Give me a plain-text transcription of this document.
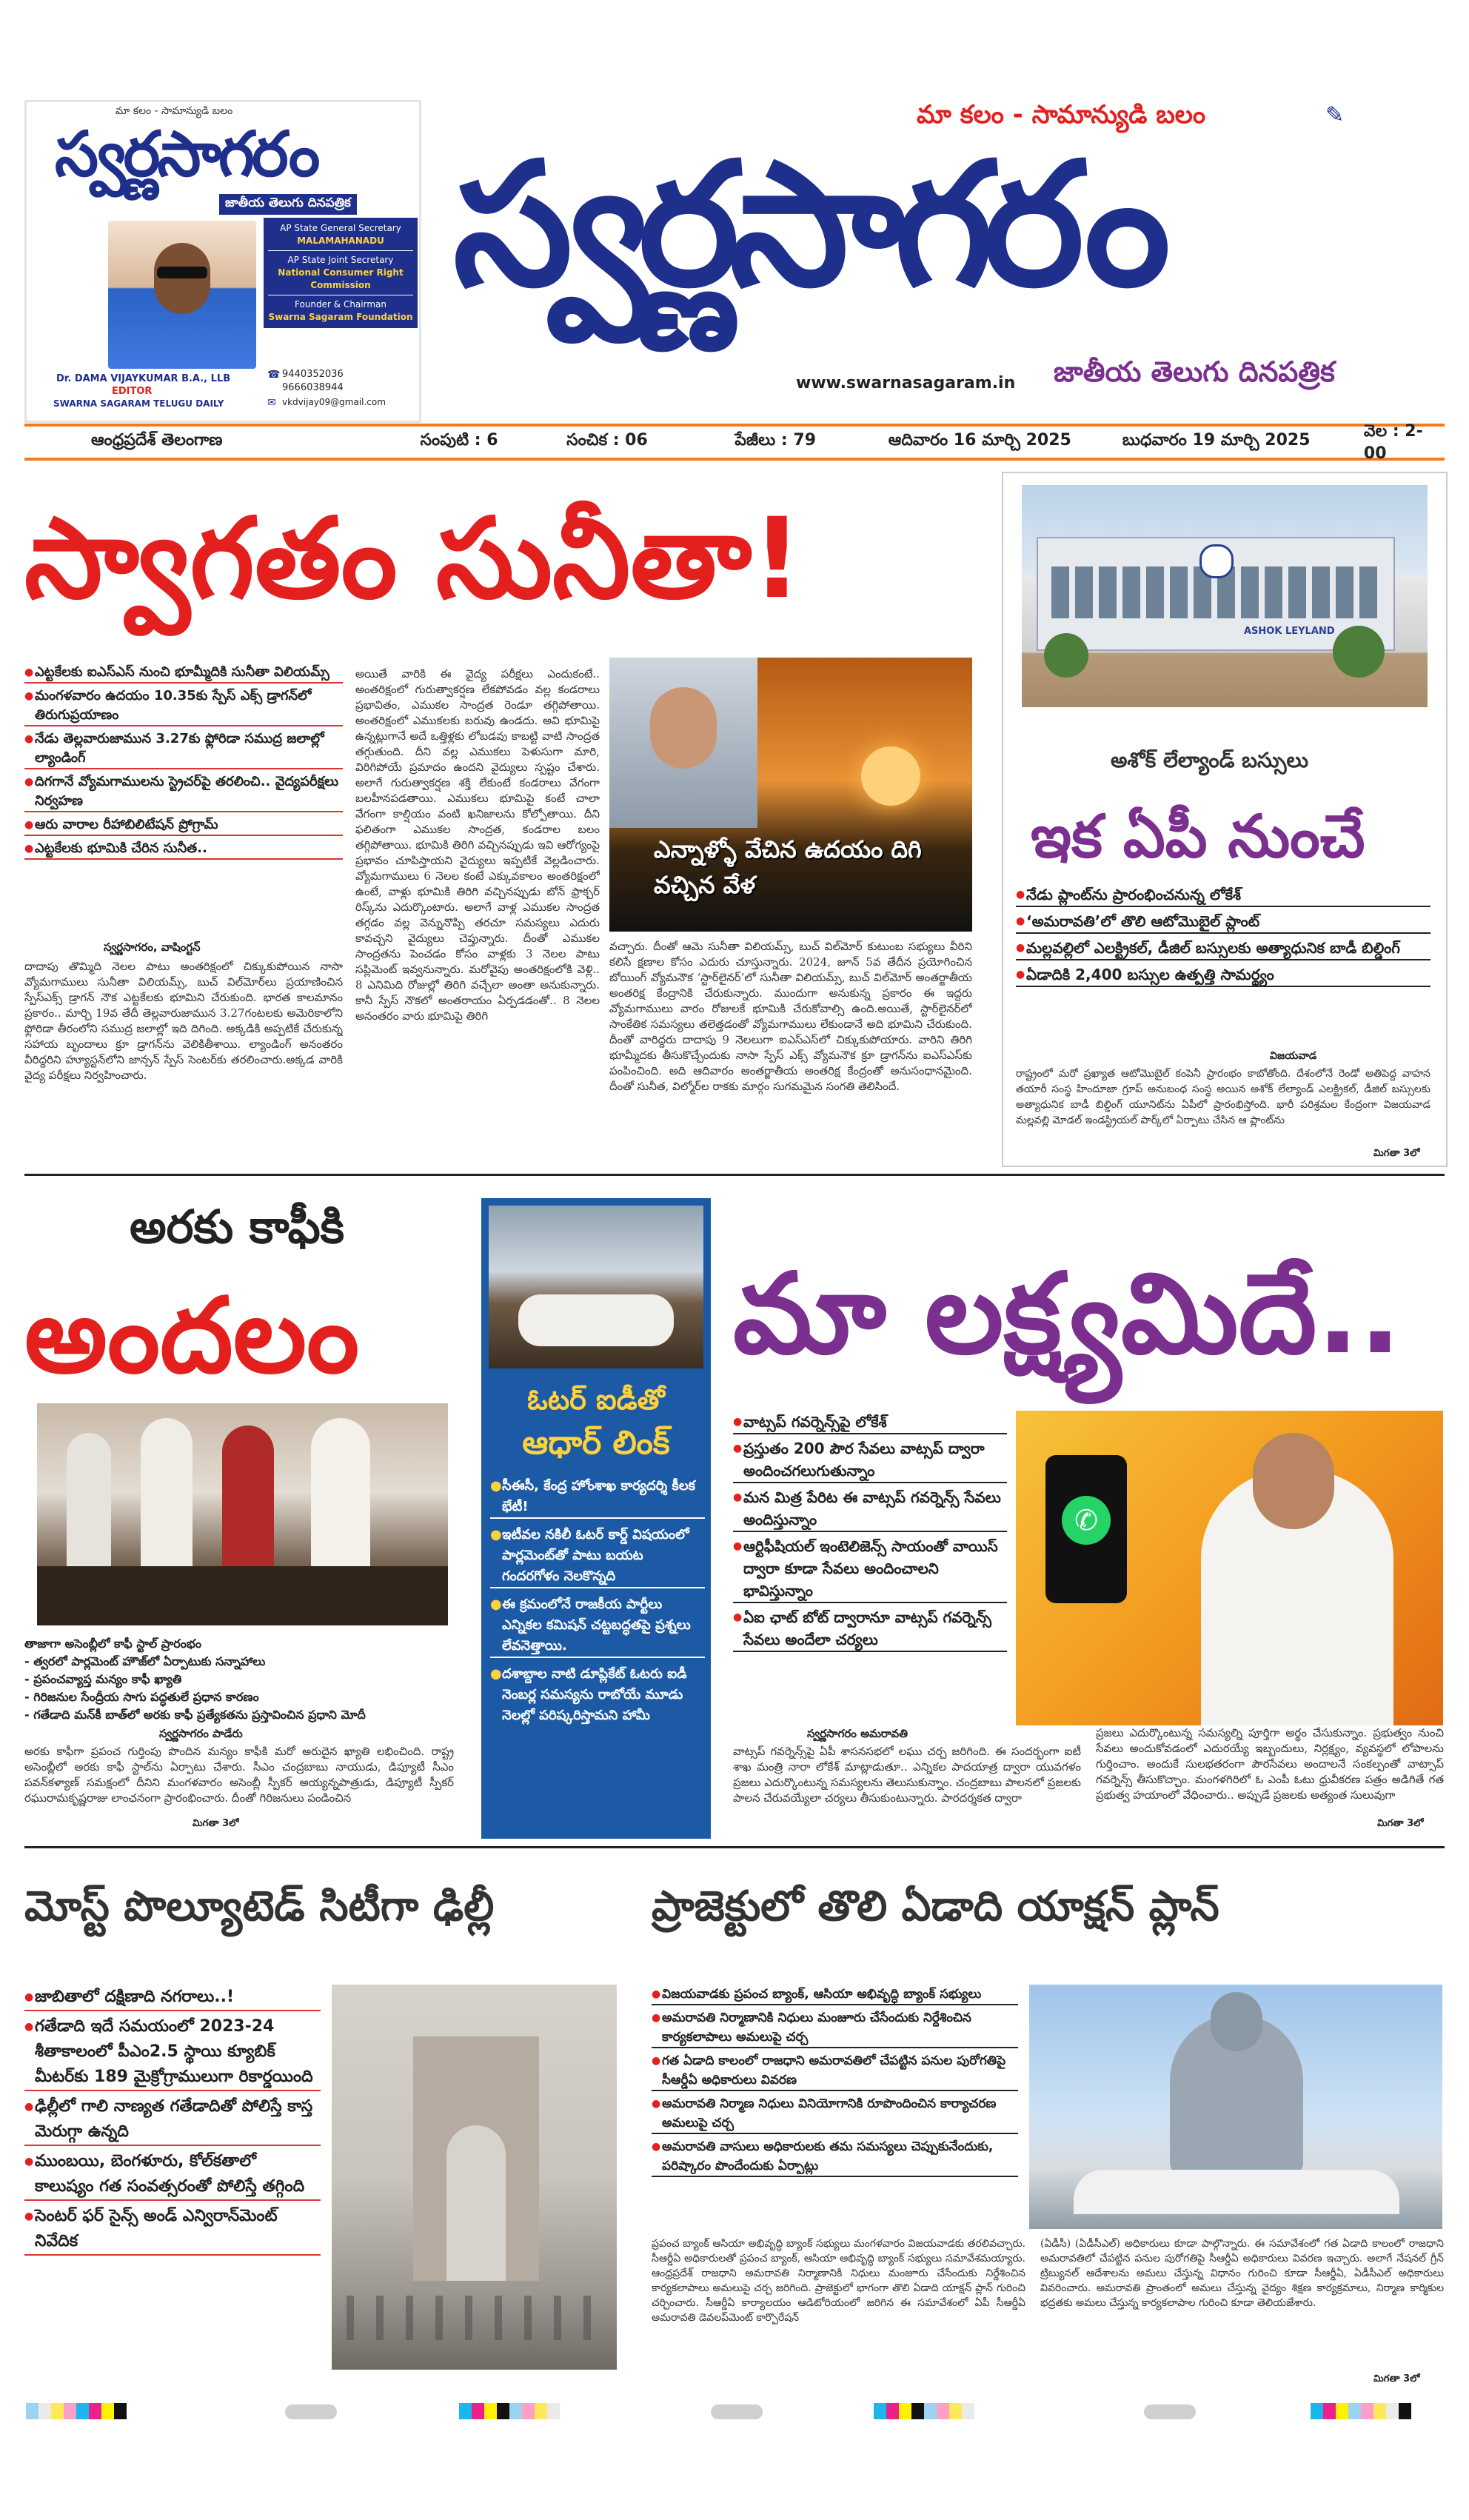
మా కలం - సామాన్యుడి బలం
స్వర్ణసాగరం
జాతీయ తెలుగు దినపత్రిక
AP State General Secretary
MALAMAHANADU
AP State Joint Secretary
National Consumer Right Commission
Founder & Chairman
Swarna Sagaram Foundation
Dr. DAMA VIJAYKUMAR B.A., LLB
EDITOR
SWARNA SAGARAM TELUGU DAILY
☎ 9440352036
9666038944
✉ vkdvijay09@gmail.com
మా కలం - సామాన్యుడి బలం	✎
స్వర్ణసాగరం
www.swarnasagaram.in జాతీయ తెలుగు దినపత్రిక
ఆంధ్రప్రదేశ్ తెలంగాణ	సంపుటి : 6	సంచిక : 06	పేజీలు : 79	ఆదివారం 16 మార్చి 2025	బుధవారం 19 మార్చి 2025	వెల : 2-00
స్వాగతం సునీతా!
● ఎట్టకేలకు ఐఎస్ఎస్ నుంచి భూమ్మీదికి సునీతా విలియమ్స్
● మంగళవారం ఉదయం 10.35కు స్పేస్ ఎక్స్ డ్రాగన్‌లో తిరుగుప్రయాణం
● నేడు తెల్లవారుజామున 3.27కు ఫ్లోరిడా సముద్ర జలాల్లో ల్యాండింగ్
● దిగగానే వ్యోమగాములను స్ట్రెచర్‌పై తరలించి.. వైద్యపరీక్షలు నిర్వహణ
● ఆరు వారాల రీహాబిలిటేషన్ ప్రోగ్రామ్
● ఎట్టకేలకు భూమికి చేరిన సునీత..
స్వర్ణసాగరం, వాషింగ్టన్

దాదాపు తొమ్మిది నెలల పాటు అంతరిక్షంలో చిక్కుకుపోయిన నాసా వ్యోమగాములు సునీతా విలియమ్స్, బుచ్ విల్‌మోర్‌లు ప్రయాణించిన స్పేస్ఎక్స్ డ్రాగన్ నౌక ఎట్టకేలకు భూమిని చేరుకుంది. భారత కాలమానం ప్రకారం.. మార్చి 19వ తేదీ తెల్లవారుజామున 3.27గంటలకు అమెరికాలోని ఫ్లోరిడా తీరంలోని సముద్ర జలాల్లో ఇది దిగింది. అక్కడికి అప్పటికే చేరుకున్న సహాయ బృందాలు క్రూ డ్రాగన్‌ను వెలికితీశాయి. ల్యాండింగ్ అనంతరం వీరిద్దరిని హ్యూస్టన్‌లోని జాన్సన్ స్పేస్ సెంటర్‌కు తరలించారు.అక్కడ వారికి వైద్య పరీక్షలు నిర్వహించారు.

అయితే వారికి ఈ వైద్య పరీక్షలు ఎందుకంటే.. అంతరిక్షంలో గురుత్వాకర్షణ లేకపోవడం వల్ల కండరాలు ప్రభావితం, ఎముకల సాంద్రత రెండూ తగ్గిపోతాయి. అంతరిక్షంలో ఎముకలకు బరువు ఉండదు. అవి భూమిపై ఉన్నట్లుగానే అదే ఒత్తిళ్లకు లోబడవు కాబట్టి వాటి సాంద్రత తగ్గుతుంది. దీని వల్ల ఎముకలు పెళుసుగా మారి, విరిగిపోయే ప్రమాదం ఉందని వైద్యులు స్పష్టం చేశారు. అలాగే గురుత్వాకర్షణ శక్తి లేకుంటే కండరాలు వేగంగా బలహీనపడతాయి. ఎముకలు భూమిపై కంటే చాలా వేగంగా కాల్షియం వంటి ఖనిజాలను కోల్పోతాయి. దీని ఫలితంగా ఎముకల సాంద్రత, కండరాల బలం తగ్గిపోతాయి. భూమికి తిరిగి వచ్చినప్పుడు ఇవి ఆరోగ్యంపై ప్రభావం చూపిస్తాయని వైద్యులు ఇప్పటికే వెల్లడించారు. వ్యోమగాములు 6 నెలల కంటే ఎక్కువకాలం అంతరిక్షంలో ఉంటే, వాళ్లు భూమికి తిరిగి వచ్చినప్పుడు బోన్ ఫ్రాక్చర్ రిస్క్‌ను ఎదుర్కొంటారు. అలాగే వాళ్ల ఎముకల సాంద్రత తగ్గడం వల్ల వెన్నునొప్పి తరచూ సమస్యలు ఎదురు కావచ్చని వైద్యులు చెప్తున్నారు. దీంతో ఎముకల సాంద్రతను పెంచడం కోసం వాళ్లకు 3 నెలల పాటు సప్లిమెంట్ ఇవ్వనున్నారు. మరోవైపు అంతరిక్షంలోకి వెళ్లి.. 8 ఎనిమిది రోజుల్లో తిరిగి వచ్చేలా అంతా అనుకున్నారు. కానీ స్పేస్ నౌకలో అంతరాయం ఏర్పడడంతో.. 8 నెలల అనంతరం వారు భూమిపై తిరిగి

ఎన్నాళ్ళో వేచిన ఉదయం దిగి వచ్చిన వేళ

వచ్చారు. దీంతో ఆమె సునీతా విలియమ్స్, బుచ్ విల్‌మోర్ కుటుంబ సభ్యులు వీరిని కలిసే క్షణాల కోసం ఎదురు చూస్తున్నారు. 2024, జూన్ 5వ తేదీన ప్రయోగించిన బోయింగ్ వ్యోమనౌక ‘స్టార్‌లైనర్’లో సునీతా విలియమ్స్, బుచ్ విల్‌మోర్ అంతర్జాతీయ అంతరిక్ష కేంద్రానికి చేరుకున్నారు. ముందుగా అనుకున్న ప్రకారం ఈ ఇద్దరు వ్యోమగాములు వారం రోజులకే భూమికి చేరుకోవాల్సి ఉంది.అయితే, స్టార్‌లైనర్‌లో సాంకేతిక సమస్యలు తలెత్తడంతో వ్యోమగాములు లేకుండానే అది భూమిని చేరుకుంది. దీంతో వారిద్దరు దాదాపు 9 నెలలుగా ఐఎస్ఎస్‌లో చిక్కుకుపోయారు. వారిని తిరిగి భూమ్మీదకు తీసుకొచ్చేందుకు నాసా స్పేస్ ఎక్స్ వ్యోమనౌక క్రూ డ్రాగన్‌ను ఐఎస్ఎస్‌కు పంపించింది. అది ఆదివారం అంతర్జాతీయ అంతరిక్ష కేంద్రంతో అనుసంధానమైంది. దీంతో సునీత, విల్మోర్‌ల రాకకు మార్గం సుగమమైన సంగతి తెలిసిందే.

ASHOK LEYLAND
అశోక్ లేల్యాండ్ బస్సులు
ఇక ఏపీ నుంచే
● నేడు ప్లాంట్‌ను ప్రారంభించనున్న లోకేశ్
● ‘అమరావతి’లో తొలి ఆటోమొబైల్ ప్లాంట్
● మల్లవల్లిలో ఎలక్ట్రికల్, డీజిల్ బస్సులకు అత్యాధునిక బాడీ బిల్డింగ్
● ఏడాదికి 2,400 బస్సుల ఉత్పత్తి సామర్థ్యం
విజయవాడ

రాష్ట్రంలో మరో ప్రఖ్యాత ఆటోమొబైల్ కంపెనీ ప్రారంభం కాబోతోంది. దేశంలోనే రెండో అతిపెద్ద వాహన తయారీ సంస్థ హిందూజా గ్రూప్ అనుబంధ సంస్థ అయిన అశోక్ లేల్యాండ్ ఎలక్ట్రికల్, డీజిల్ బస్సులకు అత్యాధునిక బాడీ బిల్డింగ్ యూనిట్‌ను ఏపీలో ప్రారంభిస్తోంది. భారీ పరిశ్రమల కేంద్రంగా విజయవాడ మల్లవల్లి మోడల్ ఇండస్ట్రియల్ పార్క్‌లో ఏర్పాటు చేసిన ఆ ప్లాంట్‌ను

మిగతా 3లో
అరకు కాఫీకి
అందలం
తాజాగా అసెంబ్లీలో కాఫీ స్టాల్ ప్రారంభం
- త్వరలో పార్లమెంట్ హౌజ్‌లో ఏర్పాటుకు సన్నాహాలు
- ప్రపంచవ్యాప్త మన్యం కాఫీ ఖ్యాతి
- గిరిజనుల సేంద్రీయ సాగు పద్ధతులే ప్రధాన కారణం
- గతేడాది మన్‌కీ బాత్‌లో అరకు కాఫీ ప్రత్యేకతను ప్రస్తావించిన ప్రధాని మోదీ
స్వర్ణసాగరం పాడేరు

అరకు కాఫీగా ప్రపంచ గుర్తింపు పొందిన మన్యం కాఫీకి మరో అరుదైన ఖ్యాతి లభించింది. రాష్ట్ర అసెంబ్లీలో అరకు కాఫీ స్టాల్‌ను ఏర్పాటు చేశారు. సీఎం చంద్రబాబు నాయుడు, డిప్యూటీ సీఎం పవన్‌కళ్యాణ్ సమక్షంలో దీనిని మంగళవారం అసెంబ్లీ స్పీకర్ అయ్యన్నపాత్రుడు, డిప్యూటీ స్పీకర్ రఘురామకృష్ణరాజు లాంఛనంగా ప్రారంభించారు. దీంతో గిరిజనులు పండించిన

మిగతా 3లో
ఓటర్ ఐడీతో
ఆధార్ లింక్
● సీఈసీ, కేంద్ర హోంశాఖ కార్యదర్శి కీలక భేటీ!
● ఇటీవల నకిలీ ఓటర్ కార్డ్ విషయంలో పార్లమెంట్‌తో పాటు బయట గందరగోళం నెలకొన్నది
● ఈ క్రమంలోనే రాజకీయ పార్టీలు ఎన్నికల కమిషన్ చట్టబద్ధతపై ప్రశ్నలు లేవనెత్తాయి.
● దశాబ్దాల నాటి డూప్లికేట్ ఓటరు ఐడీ నెంబర్ల సమస్యను రాబోయే మూడు నెలల్లో పరిష్కరిస్తామని హామీ
మా లక్ష్యమిదే..
● వాట్సప్ గవర్నెన్స్‌పై లోకేశ్
● ప్రస్తుతం 200 పౌర సేవలు వాట్సప్ ద్వారా అందించగలుగుతున్నాం
● మన మిత్ర పేరిట ఈ వాట్సప్ గవర్నెన్స్ సేవలు అందిస్తున్నాం
● ఆర్టిఫీషియల్ ఇంటెలిజెన్స్ సాయంతో వాయిస్ ద్వారా కూడా సేవలు అందించాలని భావిస్తున్నాం
● ఏఐ ఛాట్ బోట్ ద్వారానూ వాట్సప్ గవర్నెన్స్ సేవలు అందేలా చర్యలు
✆
స్వర్ణసాగరం అమరావతి

వాట్సప్ గవర్నెన్స్‌పై ఏపీ శాసనసభలో లఘు చర్చ జరిగింది. ఈ సందర్భంగా ఐటీ శాఖ మంత్రి నారా లోకేశ్ మాట్లాడుతూ.. ఎన్నికల పాదయాత్ర ద్వారా యువగళం ప్రజలు ఎదుర్కొంటున్న సమస్యలను తెలుసుకున్నాం. చంద్రబాబు పాలనలో ప్రజలకు పాలన చేరువయ్యేలా చర్యలు తీసుకుంటున్నారు. పారదర్శకత ద్వారా

ప్రజలు ఎదుర్కొంటున్న సమస్యల్ని పూర్తిగా అర్థం చేసుకున్నాం. ప్రభుత్వం నుంచి సేవలు అందుకోవడంలో ఎదురయ్యే ఇబ్బందులు, నిర్లక్ష్యం, వ్యవస్థలో లోపాలను గుర్తించాం. అందుకే సులభతరంగా పౌరసేవలు అందాలనే సంకల్పంతో వాట్సాప్ గవర్నెన్స్ తీసుకొచ్చాం. మంగళగిరిలో ఓ ఎంపీ ఓటు ధ్రువీకరణ పత్రం అడిగితే గత ప్రభుత్వ హయాంలో వేధించారు.. అప్పుడే ప్రజలకు అత్యంత సులువుగా

మిగతా 3లో
మోస్ట్ పొల్యూటెడ్ సిటీగా ఢిల్లీ
● జాబితాలో దక్షిణాది నగరాలు..!
● గతేడాది ఇదే సమయంలో 2023-24 శీతాకాలంలో పీఎం2.5 స్థాయి క్యూబిక్ మీటర్‌కు 189 మైక్రోగ్రాములుగా రికార్డయింది
● ఢిల్లీలో గాలి నాణ్యత గతేడాదితో పోలిస్తే కాస్త మెరుగ్గా ఉన్నది
● ముంబయి, బెంగళూరు, కోల్‌కతాలో కాలుష్యం గత సంవత్సరంతో పోలిస్తే తగ్గింది
● సెంటర్ ఫర్ సైన్స్ అండ్ ఎన్విరాన్‌మెంట్ నివేదిక
ప్రాజెక్టులో తొలి ఏడాది యాక్షన్ ప్లాన్
● విజయవాడకు ప్రపంచ బ్యాంక్, ఆసియా అభివృద్ధి బ్యాంక్ సభ్యులు
● అమరావతి నిర్మాణానికి నిధులు మంజూరు చేసేందుకు నిర్దేశించిన కార్యకలాపాలు అమలుపై చర్చ
● గత ఏడాది కాలంలో రాజధాని అమరావతిలో చేపట్టిన పనుల పురోగతిపై సీఆర్డీఏ అధికారులు వివరణ
● అమరావతి నిర్మాణ నిధులు వినియోగానికి రూపొందించిన కార్యాచరణ అమలుపై చర్చ
● అమరావతి వాసులు అధికారులకు తమ సమస్యలు చెప్పుకునేందుకు, పరిష్కారం పొందేందుకు ఏర్పాట్లు

ప్రపంచ బ్యాంక్ ఆసియా అభివృద్ధి బ్యాంక్ సభ్యులు మంగళవారం విజయవాడకు తరలివచ్చారు. సీఆర్డీఏ అధికారులతో ప్రపంచ బ్యాంక్, ఆసియా అభివృద్ధి బ్యాంక్ సభ్యులు సమావేశమయ్యారు. ఆంధ్రప్రదేశ్ రాజధాని అమరావతి నిర్మాణానికి నిధులు మంజూరు చేసేందుకు నిర్దేశించిన కార్యకలాపాలు అమలుపై చర్చ జరిగింది. ప్రాజెక్టులో భాగంగా తొలి ఏడాది యాక్షన్ ప్లాన్ గురించి చర్చించారు. సీఆర్డీఏ కార్యాలయం ఆడిటోరియంలో జరిగిన ఈ సమావేశంలో ఏపీ సీఆర్డీఏ అమరావతి డెవలప్‌మెంట్ కార్పొరేషన్

(ఏడీసీ) (ఏడీసీఎల్) అధికారులు కూడా పాల్గొన్నారు. ఈ సమావేశంలో గత ఏడాది కాలంలో రాజధాని అమరావతిలో చేపట్టిన పనుల పురోగతిపై సీఆర్డీఏ అధికారులు వివరణ ఇచ్చారు. అలాగే నేషనల్ గ్రీన్ ట్రిబ్యునల్ ఆదేశాలను అమలు చేస్తున్న విధానం గురించి కూడా సీఆర్డీఏ, ఏడీసీఎల్ అధికారులు వివరించారు. అమరావతి ప్రాంతంలో అమలు చేస్తున్న వైద్యం శిక్షణ కార్యక్రమాలు, నిర్మాణ కార్మికుల భద్రతకు అమలు చేస్తున్న కార్యకలాపాల గురించి కూడా తెలియజేశారు.

మిగతా 3లో
